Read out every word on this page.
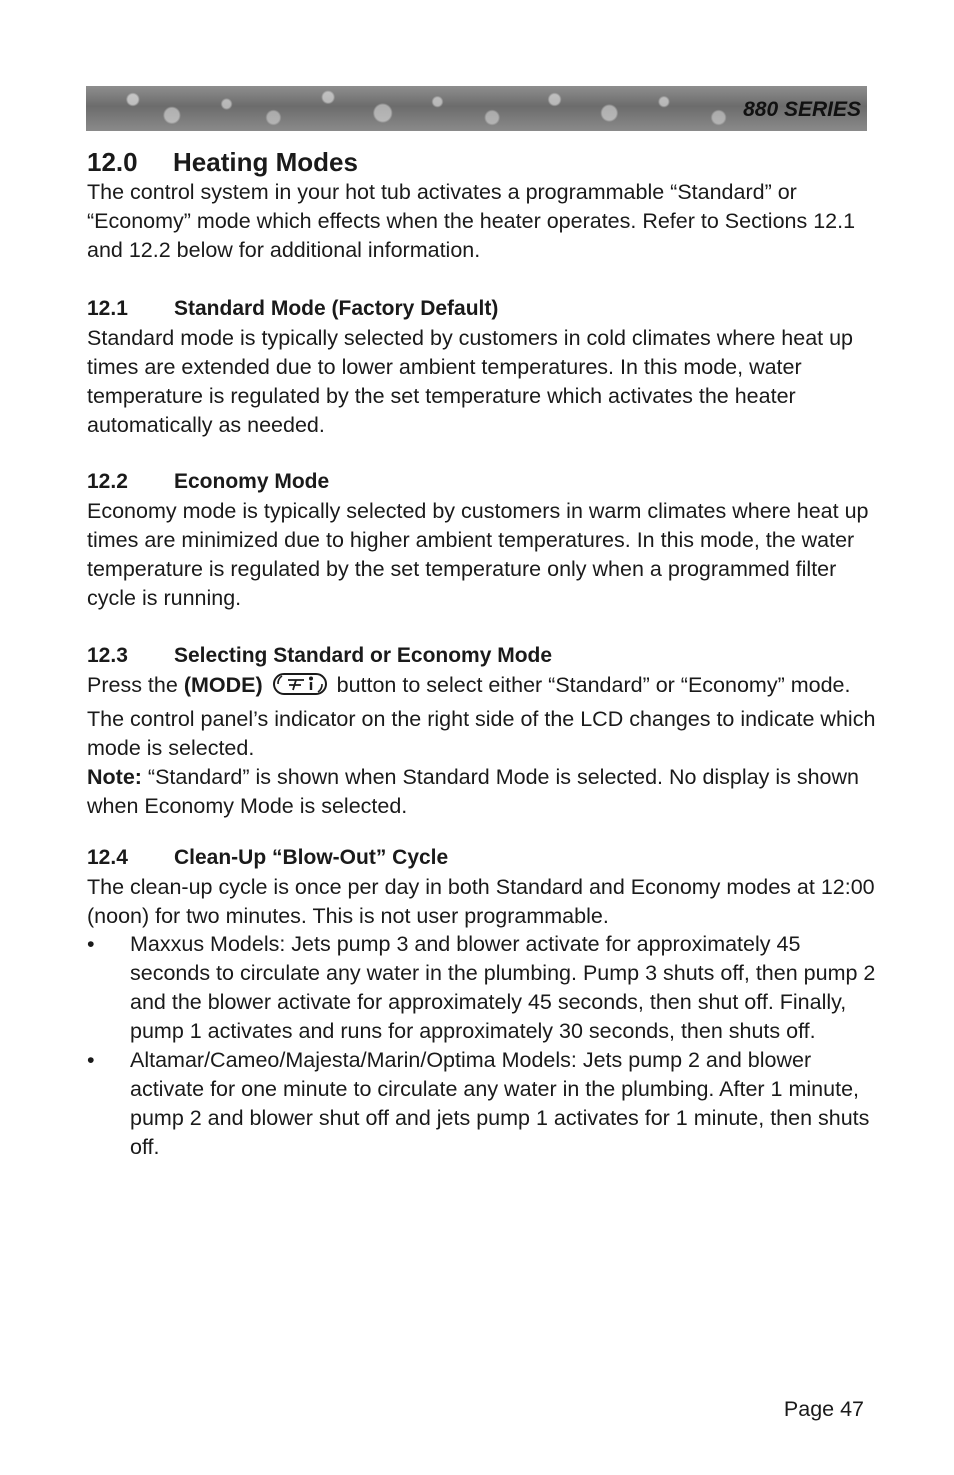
880 SERIES
12.0 Heating Modes

The control system in your hot tub activates a programmable “Standard” or “Economy” mode which effects when the heater operates. Refer to Sections 12.1 and 12.2 below for additional information.

12.1 Standard Mode (Factory Default)

Standard mode is typically selected by customers in cold climates where heat up times are extended due to lower ambient temperatures. In this mode, water temperature is regulated by the set temperature which activates the heater automatically as needed.

12.2 Economy Mode

Economy mode is typically selected by customers in warm climates where heat up times are minimized due to higher ambient temperatures. In this mode, the water temperature is regulated by the set temperature only when a programmed filter cycle is running.

12.3 Selecting Standard or Economy Mode

Press the (MODE)	button to select either “Standard” or “Economy” mode. The control panel’s indicator on the right side of the LCD changes to indicate which mode is selected.

Note: “Standard” is shown when Standard Mode is selected. No display is shown when Economy Mode is selected.

12.4 Clean-Up “Blow-Out” Cycle

The clean-up cycle is once per day in both Standard and Economy modes at 12:00 (noon) for two minutes. This is not user programmable.

• Maxxus Models: Jets pump 3 and blower activate for approximately 45 seconds to circulate any water in the plumbing. Pump 3 shuts off, then pump 2 and the blower activate for approximately 45 seconds, then shut off. Finally, pump 1 activates and runs for approximately 30 seconds, then shuts off.
• Altamar/Cameo/Majesta/Marin/Optima Models: Jets pump 2 and blower activate for one minute to circulate any water in the plumbing. After 1 minute, pump 2 and blower shut off and jets pump 1 activates for 1 minute, then shuts off.
Page 47
